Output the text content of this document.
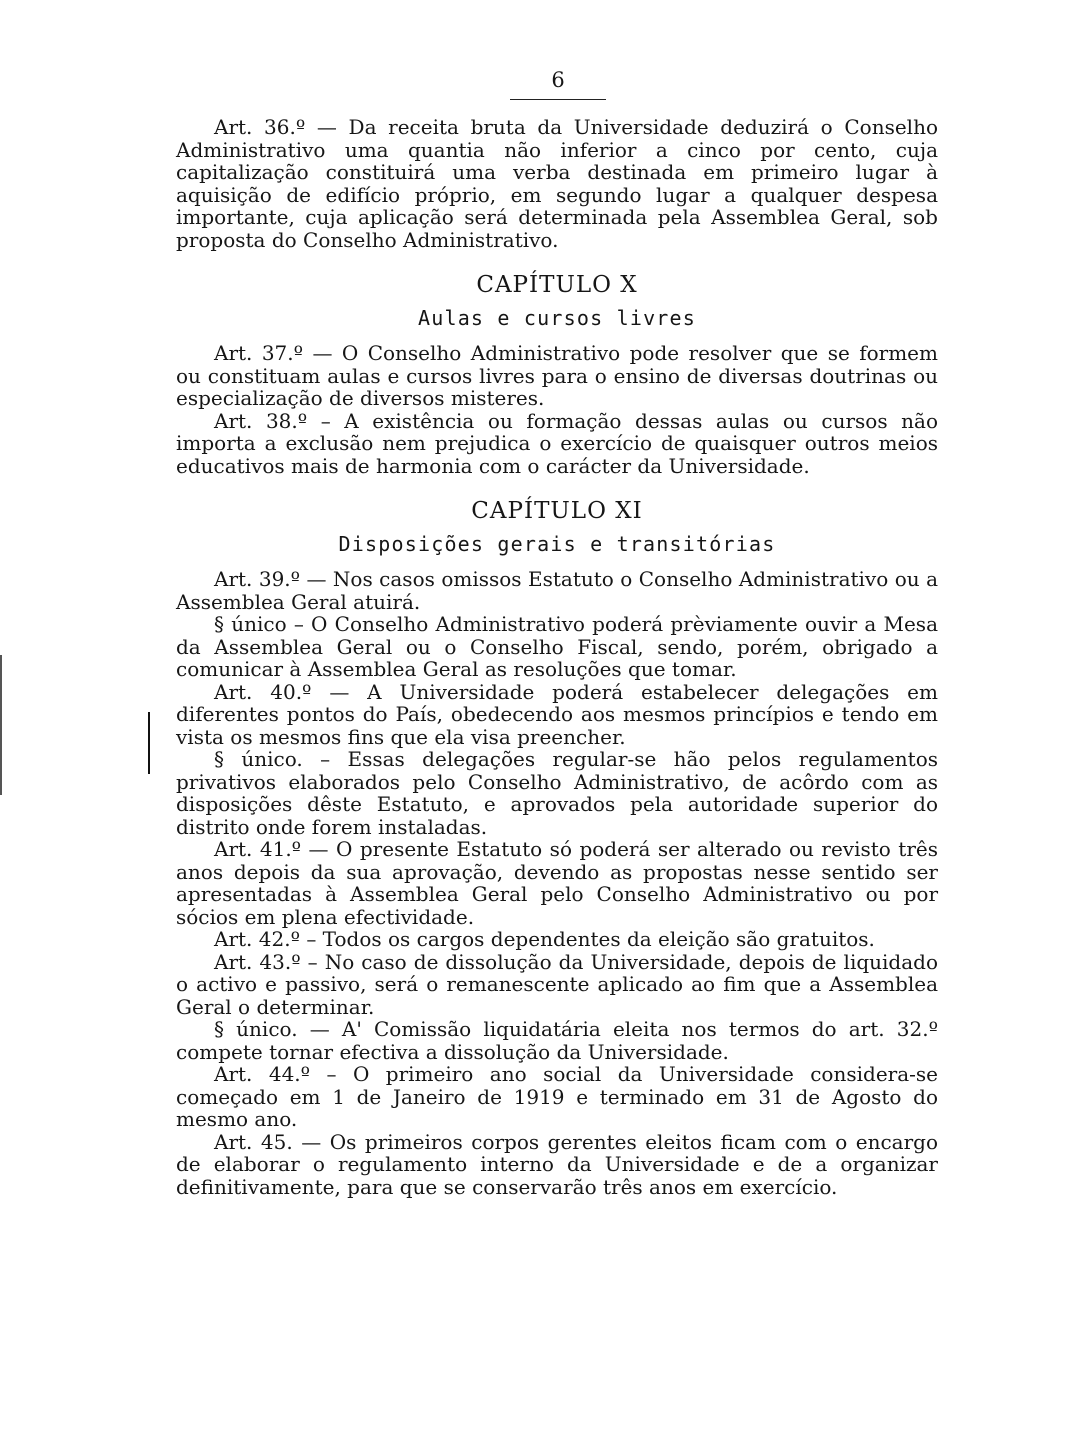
6

Art. 36.º — Da receita bruta da Universidade deduzirá o Conselho Administrativo uma quantia não inferior a cinco por cento, cuja capitalização constituirá uma verba destinada em primeiro lugar à aquisição de edifício próprio, em segundo lugar a qualquer despesa importante, cuja aplicação será determinada pela Assemblea Geral, sob proposta do Conselho Administrativo.

CAPÍTULO X
Aulas e cursos livres

Art. 37.º — O Conselho Administrativo pode resolver que se formem ou constituam aulas e cursos livres para o ensino de diversas doutrinas ou especialização de diversos misteres.

Art. 38.º – A existência ou formação dessas aulas ou cursos não importa a exclusão nem prejudica o exercício de quaisquer outros meios educativos mais de harmonia com o carácter da Universidade.

CAPÍTULO XI
Disposições gerais e transitórias

Art. 39.º — Nos casos omissos Estatuto o Conselho Administrativo ou a Assemblea Geral atuirá.

§ único – O Conselho Administrativo poderá prèviamente ouvir a Mesa da Assemblea Geral ou o Conselho Fiscal, sendo, porém, obrigado a comunicar à Assemblea Geral as resoluções que tomar.

Art. 40.º — A Universidade poderá estabelecer delegações em diferentes pontos do País, obedecendo aos mesmos princípios e tendo em vista os mesmos fins que ela visa preencher.

§ único. – Essas delegações regular-se hão pelos regulamentos privativos elaborados pelo Conselho Administrativo, de acôrdo com as disposições dêste Estatuto, e aprovados pela autoridade superior do distrito onde forem instaladas.

Art. 41.º — O presente Estatuto só poderá ser alterado ou revisto três anos depois da sua aprovação, devendo as propostas nesse sentido ser apresentadas à Assemblea Geral pelo Conselho Administrativo ou por sócios em plena efectividade.

Art. 42.º – Todos os cargos dependentes da eleição são gratuitos.

Art. 43.º – No caso de dissolução da Universidade, depois de liquidado o activo e passivo, será o remanescente aplicado ao fim que a Assemblea Geral o determinar.

§ único. — A' Comissão liquidatária eleita nos termos do art. 32.º compete tornar efectiva a dissolução da Universidade.

Art. 44.º – O primeiro ano social da Universidade considera-se começado em 1 de Janeiro de 1919 e terminado em 31 de Agosto do mesmo ano.

Art. 45. — Os primeiros corpos gerentes eleitos ficam com o encargo de elaborar o regulamento interno da Universidade e de a organizar definitivamente, para que se conservarão três anos em exercício.
